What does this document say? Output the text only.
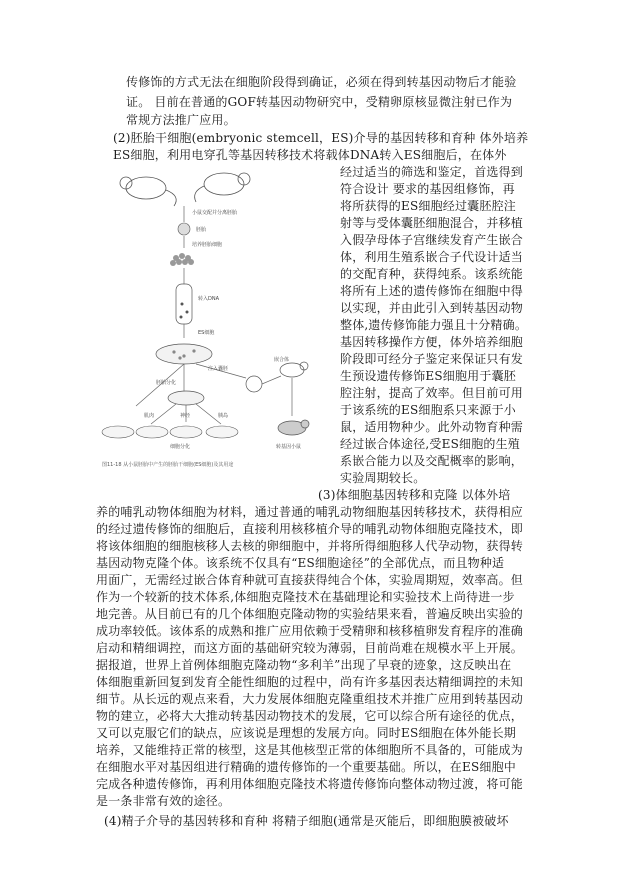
传修饰的方式无法在细胞阶段得到确证，必须在得到转基因动物后才能验
证。 目前在普通的GOF转基因动物研究中，受精卵原核显微注射已作为
常规方法推广应用。
(2)胚胎干细胞(embryonic stemcell，ES)介导的基因转移和育种 体外培养
ES细胞，利用电穿孔等基因转移技术将载体DNA转入ES细胞后，在体外
经过适当的筛选和鉴定，首选得到
符合设计 要求的基因组修饰，再
将所获得的ES细胞经过囊胚腔注
射等与受体囊胚细胞混合，并移植
入假孕母体子宫继续发育产生嵌合
体，利用生殖系嵌合子代设计适当
的交配育种，获得纯系。该系统能
将所有上述的遗传修饰在细胞中得
以实现，并由此引入到转基因动物
整体,遗传修饰能力强且十分精确。
基因转移操作方便，体外培养细胞
阶段即可经分子鉴定来保证只有发
生预设遗传修饰ES细胞用于囊胚
腔注射，提高了效率。但目前可用
于该系统的ES细胞系只来源于小
鼠，适用物种少。此外动物育种需
经过嵌合体途径,受ES细胞的生殖
系嵌合能力以及交配概率的影响，
实验周期较长。
(3)体细胞基因转移和克隆 以体外培
养的哺乳动物体细胞为材料，通过普通的哺乳动物细胞基因转移技术，获得相应
的经过遗传修饰的细胞后，直接利用核移植介导的哺乳动物体细胞克隆技术，即
将该体细胞的细胞核移人去核的卵细胞中，并将所得细胞移人代孕动物，获得转
基因动物克隆个体。该系统不仅具有“ES细胞途径”的全部优点，而且物种适
用面广，无需经过嵌合体育种就可直接获得纯合个体，实验周期短，效率高。但
作为一个较新的技术体系,体细胞克隆技术在基础理论和实验技术上尚待进一步
地完善。从目前已有的几个体细胞克隆动物的实验结果来看，普遍反映出实验的
成功率较低。该体系的成熟和推广应用依赖于受精卵和核移植卵发育程序的准确
启动和精细调控，而这方面的基础研究较为薄弱，目前尚难在规模水平上开展。
据报道，世界上首例体细胞克隆动物“多利羊”出现了早衰的迹象，这反映出在
体细胞重新回复到发育全能性细胞的过程中，尚有许多基因表达精细调控的未知
细节。从长远的观点来看，大力发展体细胞克隆重组技术并推广应用到转基因动
物的建立，必将大大推动转基因动物技术的发展，它可以综合所有途径的优点，
又可以克服它们的缺点，应该说是理想的发展方向。同时ES细胞在体外能长期
培养，又能维持正常的核型，这是其他核型正常的体细胞所不具备的，可能成为
在细胞水平对基因组进行精确的遗传修饰的一个重要基础。所以，在ES细胞中
完成各种遗传修饰，再利用体细胞克隆技术将遗传修饰向整体动物过渡，将可能
是一条非常有效的途径。
(4)精子介导的基因转移和育种 将精子细胞(通常是灭能后，即细胞膜被破坏
小鼠交配并分离胚胎
胚胎
培养胚胎细胞
转入DNA
ES细胞
注入囊胚
嵌合体
转基因小鼠
胚胎分化
肌肉	神经	胰岛
细胞分化
图11-18 从小鼠胚胎中产生的胚胎干细胞(ES细胞)及其用途
